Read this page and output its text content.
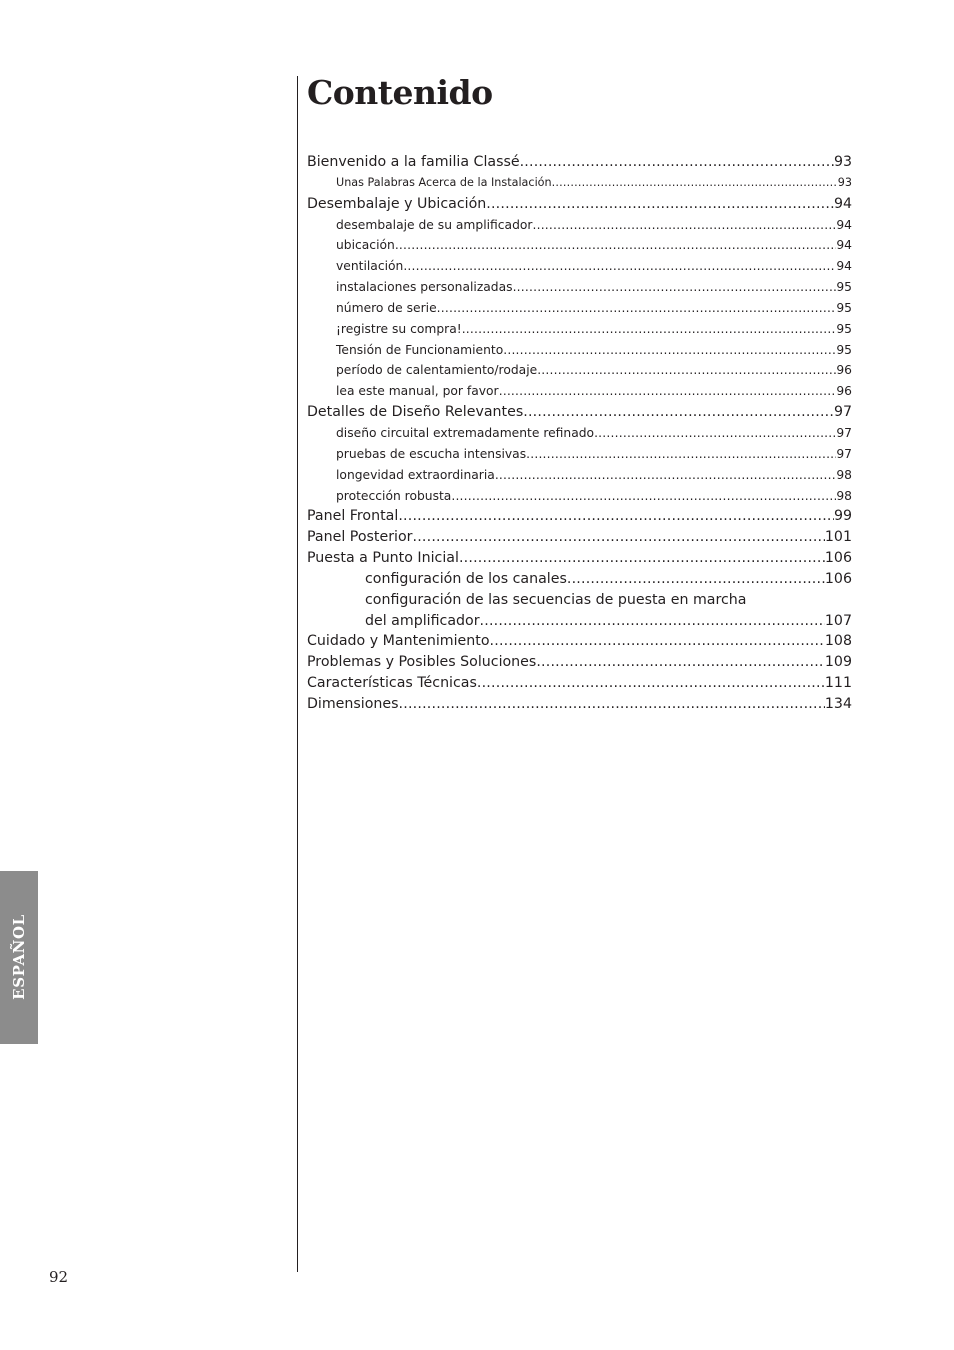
Contenido
Bienvenido a la familia Classé .....	93
Unas Palabras Acerca de la Instalación .....	93
Desembalaje y Ubicación .....	94
desembalaje de su amplificador .....	94
ubicación .....	94
ventilación .....	94
instalaciones personalizadas .....	95
número de serie .....	95
¡registre su compra! .....	95
Tensión de Funcionamiento .....	95
período de calentamiento/rodaje .....	96
lea este manual, por favor… .....	96
Detalles de Diseño Relevantes .....	97
diseño circuital extremadamente refinado .....	97
pruebas de escucha intensivas .....	97
longevidad extraordinaria .....	98
protección robusta .....	98
Panel Frontal .....	99
Panel Posterior .....	101
Puesta a Punto Inicial .....	106
configuración de los canales .....	106
configuración de las secuencias de puesta en marcha
del amplificador .....	107
Cuidado y Mantenimiento .....	108
Problemas y Posibles Soluciones .....	109
Características Técnicas .....	111
Dimensiones .....	134
ESPAÑOL
92
